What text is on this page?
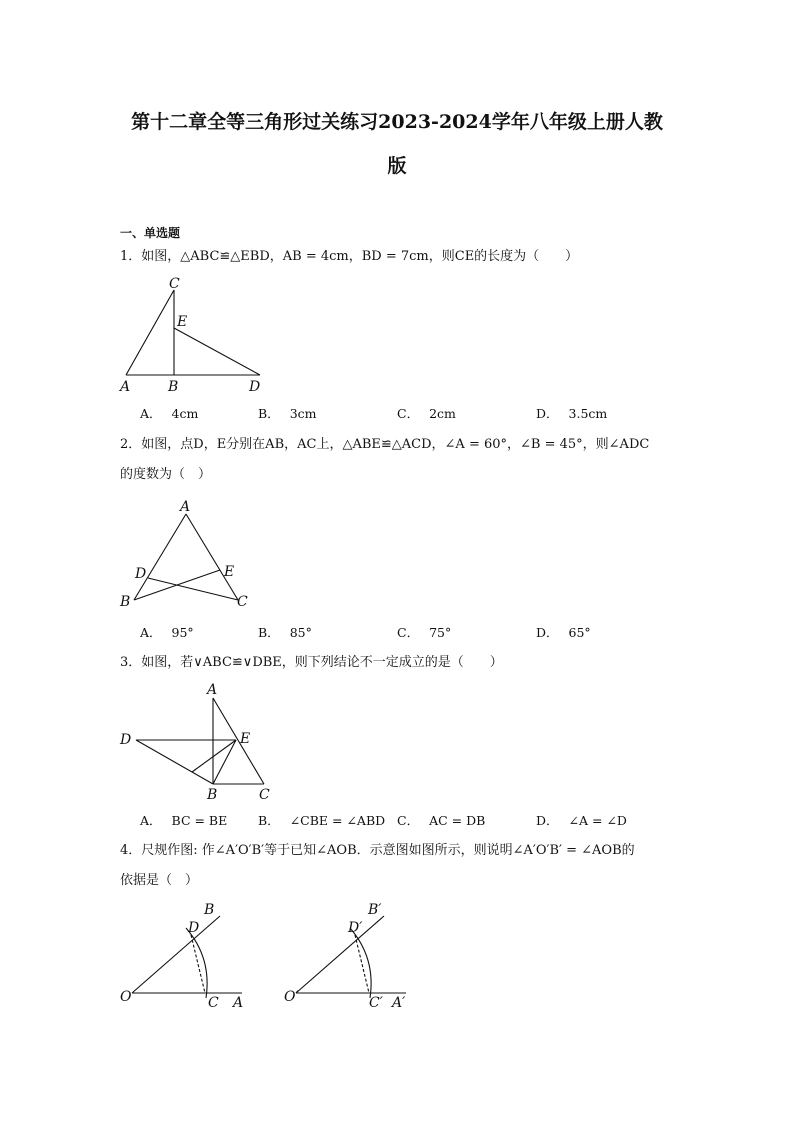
第十二章全等三角形过关练习2023-2024学年八年级上册人教
版
一、单选题
1．如图，△ABC≌△EBD，AB = 4cm，BD = 7cm，则CE的长度为（　　）
C
E
A	B	D
A． 4cm	B． 3cm	C． 2cm	D． 3.5cm
2．如图，点D，E分别在AB，AC上，△ABE≌△ACD，∠A = 60°，∠B = 45°，则∠ADC
的度数为（　）
A
D	E
B	C
A． 95°	B． 85°	C． 75°	D． 65°
3．如图，若∨ABC≌∨DBE，则下列结论不一定成立的是（　　）
A
D	E
B	C
A． BC = BE B． ∠CBE = ∠ABD C． AC = DB	D． ∠A = ∠D
4．尺规作图: 作∠A′O′B′等于已知∠AOB．示意图如图所示，则说明∠A′O′B′ = ∠AOB的
依据是（　）
B
D
O	C A
B′
D′
O′	C′ A′
